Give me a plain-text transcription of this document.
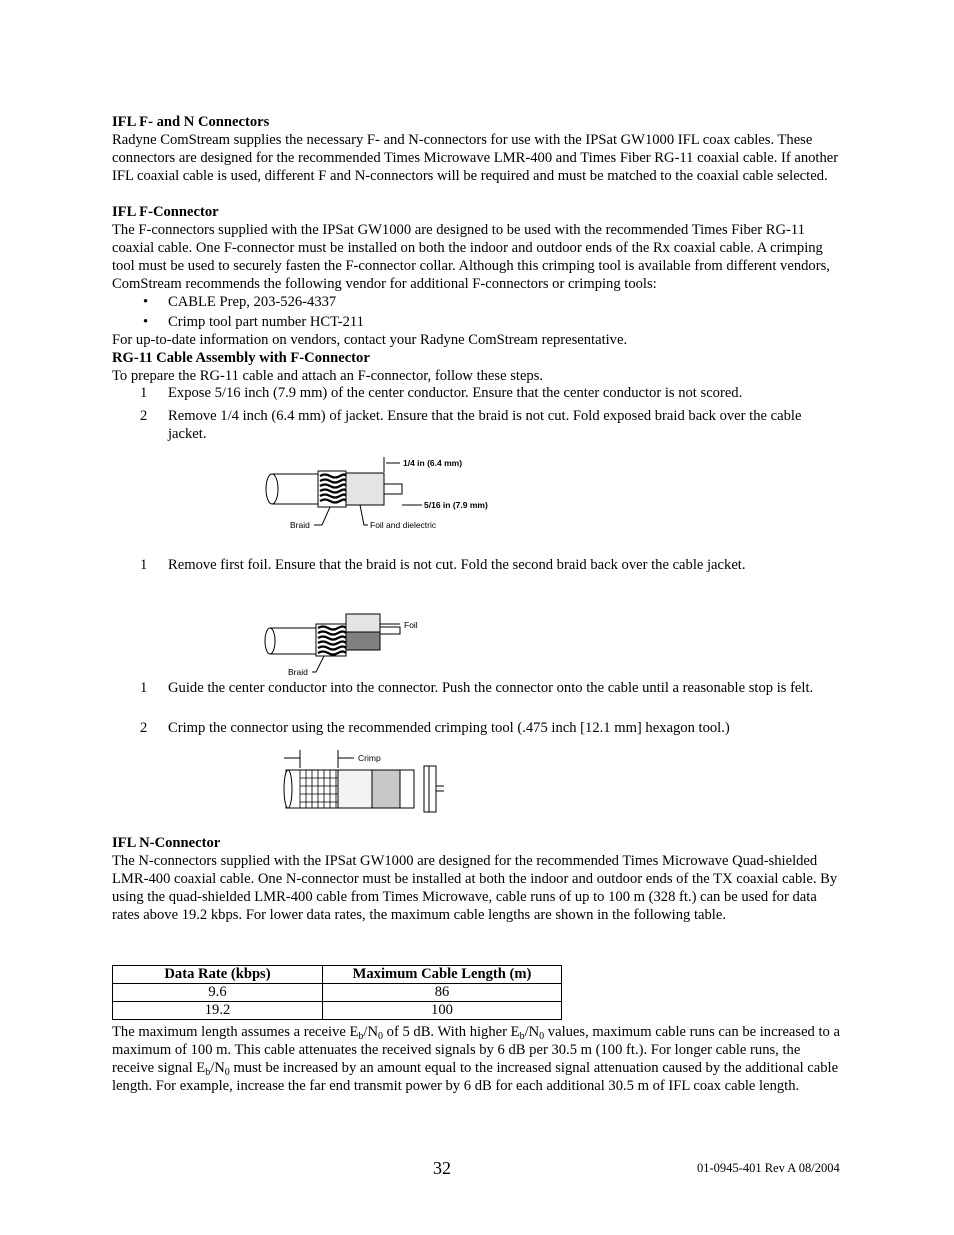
IFL F- and N Connectors

Radyne ComStream supplies the necessary F- and N-connectors for use with the IPSat GW1000 IFL coax cables. These connectors are designed for the recommended Times Microwave LMR-400 and Times Fiber RG-11 coaxial cable. If another IFL coaxial cable is used, different F and N-connectors will be required and must be matched to the coaxial cable selected.

IFL F-Connector

The F-connectors supplied with the IPSat GW1000 are designed to be used with the recommended Times Fiber RG-11 coaxial cable. One F-connector must be installed on both the indoor and outdoor ends of the Rx coaxial cable. A crimping tool must be used to securely fasten the F-connector collar. Although this crimping tool is available from different vendors, ComStream recommends the following vendor for additional F-connectors or crimping tools:

• CABLE Prep, 203-526-4337
• Crimp tool part number HCT-211

For up-to-date information on vendors, contact your Radyne ComStream representative.

RG-11 Cable Assembly with F-Connector

To prepare the RG-11 cable and attach an F-connector, follow these steps.

1 Expose 5/16 inch (7.9 mm) of the center conductor. Ensure that the center conductor is not scored.
2 Remove 1/4 inch (6.4 mm) of jacket. Ensure that the braid is not cut. Fold exposed braid back over the cable jacket.
1/4 in (6.4 mm)
5/16 in (7.9 mm)
Braid	Foil and dielectric
1 Remove first foil. Ensure that the braid is not cut. Fold the second braid back over the cable jacket.
Foil
Braid
1 Guide the center conductor into the connector. Push the connector onto the cable until a reasonable stop is felt.
2 Crimp the connector using the recommended crimping tool (.475 inch [12.1 mm] hexagon tool.)
Crimp
IFL N-Connector

The N-connectors supplied with the IPSat GW1000 are designed for the recommended Times Microwave Quad-shielded LMR-400 coaxial cable. One N-connector must be installed at both the indoor and outdoor ends of the TX coaxial cable. By using the quad-shielded LMR-400 cable from Times Microwave, cable runs of up to 100 m (328 ft.) can be used for data rates above 19.2 kbps. For lower data rates, the maximum cable lengths are shown in the following table.

Data Rate (kbps)	Maximum Cable Length (m)
9.6	86
19.2	100

The maximum length assumes a receive $E_b/N_0$ of 5 dB. With higher $E_b/N_0$ values, maximum cable runs can be increased to a maximum of 100 m. This cable attenuates the received signals by 6 dB per 30.5 m (100 ft.). For longer cable runs, the receive signal $E_b/N_0$ must be increased by an amount equal to the increased signal attenuation caused by the additional cable length. For example, increase the far end transmit power by 6 dB for each additional 30.5 m of IFL coax cable length.

32	01-0945-401 Rev A 08/2004
